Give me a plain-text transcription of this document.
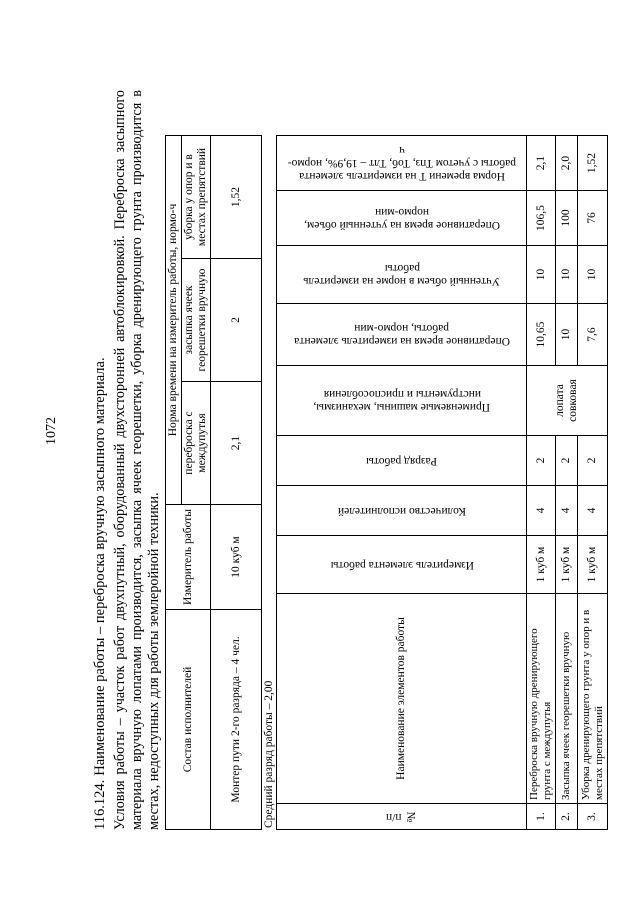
1072

116.124.Наименование работы – переброска вручную засыпного материала. Условия работы – участок работ двухпутный, оборудованный двухсторонней автоблокировкой. Переброска засыпного материала вручную лопатами производится, засыпка ячеек георешетки, уборка дренирующего грунта производится в местах, недоступных для работы землеройной техники. Состав исполнителей	Измеритель работы	Норма времени на измеритель работы, нормо-ч		
		переброска с междупутья	засыпка ячеек георешетки вручную	уборка у опор и в местах препятствий
Монтер пути 2-го разряда – 4 чел.	10 куб м	2,1	2	1,52
Средний разряд работы – 2,00	№ п/п	Наименование элементов работы	Измеритель элемента работы	Количество исполнителей	Разряд работы	Применяемые машины, механизмы, инструменты и приспособления	Оперативное время на измеритель элемента работы, нормо-мин	Учтенный объем в норме на измеритель работы	Оперативное время на учтенный объем, нормо-мин	Норма времени Т на измеритель элемента работы с учетом Тпз, Тоб, Тлт – 19,9%, нормо-ч

1.	Переброска вручную дренирующего грунта с междупутья	1 куб м	4	2	лопата совковая	10,65	10	106,5	2,1
2.	Засыпка ячеек георешетки вручную	1 куб м	4	2		10	10	100	2,0
3.	Уборка дренирующего грунта у опор и в местах препятствий	1 куб м	4	2		7,6	10	76	1,52
